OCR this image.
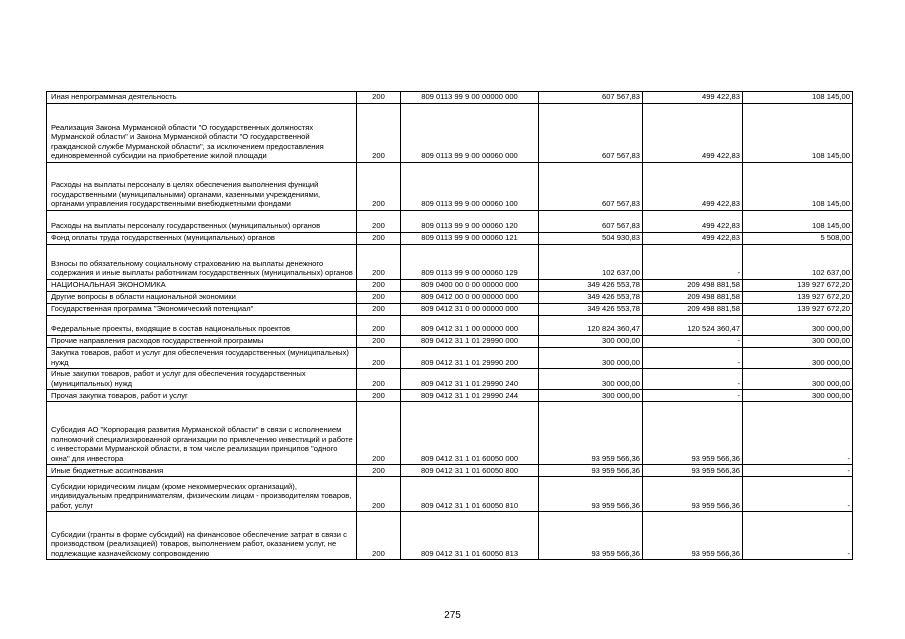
Иная непрограммная деятельность	200	809 0113 99 9 00 00000 000	607 567,83	499 422,83	108 145,00
Реализация Закона Мурманской области "О государственных должностях Мурманской области" и Закона Мурманской области "О государственной гражданской службе Мурманской области", за исключением предоставления единовременной субсидии на приобретение жилой площади	200	809 0113 99 9 00 00060 000	607 567,83	499 422,83	108 145,00
Расходы на выплаты персоналу в целях обеспечения выполнения функций государственными (муниципальными) органами, казенными учреждениями, органами управления государственными внебюджетными фондами	200	809 0113 99 9 00 00060 100	607 567,83	499 422,83	108 145,00
Расходы на выплаты персоналу государственных (муниципальных) органов	200	809 0113 99 9 00 00060 120	607 567,83	499 422,83	108 145,00
Фонд оплаты труда государственных (муниципальных) органов	200	809 0113 99 9 00 00060 121	504 930,83	499 422,83	5 508,00
Взносы по обязательному социальному страхованию на выплаты денежного содержания и иные выплаты работникам государственных (муниципальных) органов	200	809 0113 99 9 00 00060 129	102 637,00	-	102 637,00
НАЦИОНАЛЬНАЯ ЭКОНОМИКА	200	809 0400 00 0 00 00000 000	349 426 553,78	209 498 881,58	139 927 672,20
Другие вопросы в области национальной экономики	200	809 0412 00 0 00 00000 000	349 426 553,78	209 498 881,58	139 927 672,20
Государственная программа "Экономический потенциал"	200	809 0412 31 0 00 00000 000	349 426 553,78	209 498 881,58	139 927 672,20
Федеральные проекты, входящие в состав национальных проектов	200	809 0412 31 1 00 00000 000	120 824 360,47	120 524 360,47	300 000,00
Прочие направления расходов государственной программы	200	809 0412 31 1 01 29990 000	300 000,00	-	300 000,00
Закупка товаров, работ и услуг для обеспечения государственных (муниципальных) нужд	200	809 0412 31 1 01 29990 200	300 000,00	-	300 000,00
Иные закупки товаров, работ и услуг для обеспечения государственных (муниципальных) нужд	200	809 0412 31 1 01 29990 240	300 000,00	-	300 000,00
Прочая закупка товаров, работ и услуг	200	809 0412 31 1 01 29990 244	300 000,00	-	300 000,00
Субсидия АО "Корпорация развития Мурманской области" в связи с исполнением полномочий специализированной организации по привлечению инвестиций и работе с инвесторами Мурманской области, в том числе реализации принципов "одного окна" для инвестора	200	809 0412 31 1 01 60050 000	93 959 566,36	93 959 566,36	-
Иные бюджетные ассигнования	200	809 0412 31 1 01 60050 800	93 959 566,36	93 959 566,36	-
Субсидии юридическим лицам (кроме некоммерческих организаций), индивидуальным предпринимателям, физическим лицам - производителям товаров, работ, услуг	200	809 0412 31 1 01 60050 810	93 959 566,36	93 959 566,36	-
Субсидии (гранты в форме субсидий) на финансовое обеспечение затрат в связи с производством (реализацией) товаров, выполнением работ, оказанием услуг, не подлежащие казначейскому сопровождению	200	809 0412 31 1 01 60050 813	93 959 566,36	93 959 566,36	-
275
